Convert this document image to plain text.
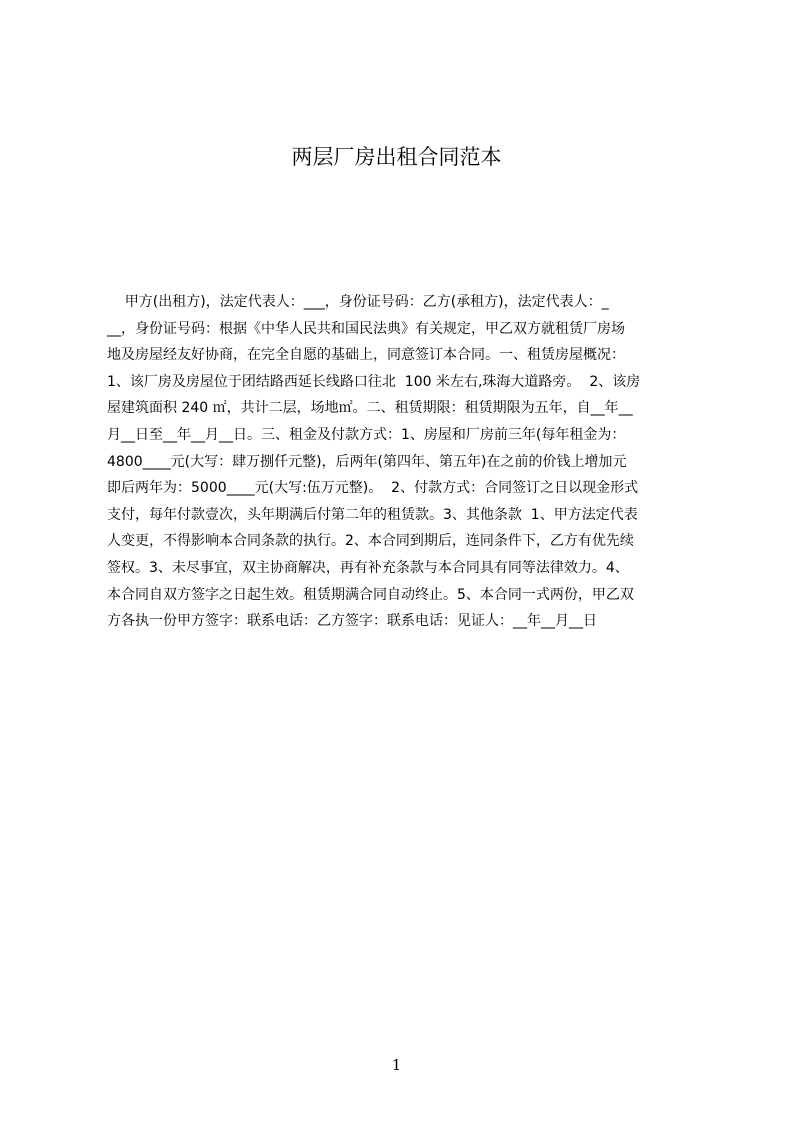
两层厂房出租合同范本
甲方(出租方)，法定代表人：___，身份证号码：乙方(承租方)，法定代表人：_
__，身份证号码：根据《中华人民共和国民法典》有关规定，甲乙双方就租赁厂房场
地及房屋经友好协商，在完全自愿的基础上，同意签订本合同。一、租赁房屋概况：
1、该厂房及房屋位于团结路西延长线路口往北  100 米左右,珠海大道路旁。  2、该房
屋建筑面积 240 ㎡，共计二层，场地㎡。二、租赁期限：租赁期限为五年，自__年__
月__日至__年__月__日。三、租金及付款方式：1、房屋和厂房前三年(每年租金为：
4800____元(大写：肆万捌仟元整)，后两年(第四年、第五年)在之前的价钱上增加元
即后两年为：5000____元(大写:伍万元整)。  2、付款方式：合同签订之日以现金形式
支付，每年付款壹次，头年期满后付第二年的租赁款。3、其他条款  1、甲方法定代表
人变更，不得影响本合同条款的执行。2、本合同到期后，连同条件下，乙方有优先续
签权。3、未尽事宜，双主协商解决，再有补充条款与本合同具有同等法律效力。4、
本合同自双方签字之日起生效。租赁期满合同自动终止。5、本合同一式两份，甲乙双
方各执一份甲方签字：联系电话：乙方签字：联系电话：见证人：__年__月__日
1
